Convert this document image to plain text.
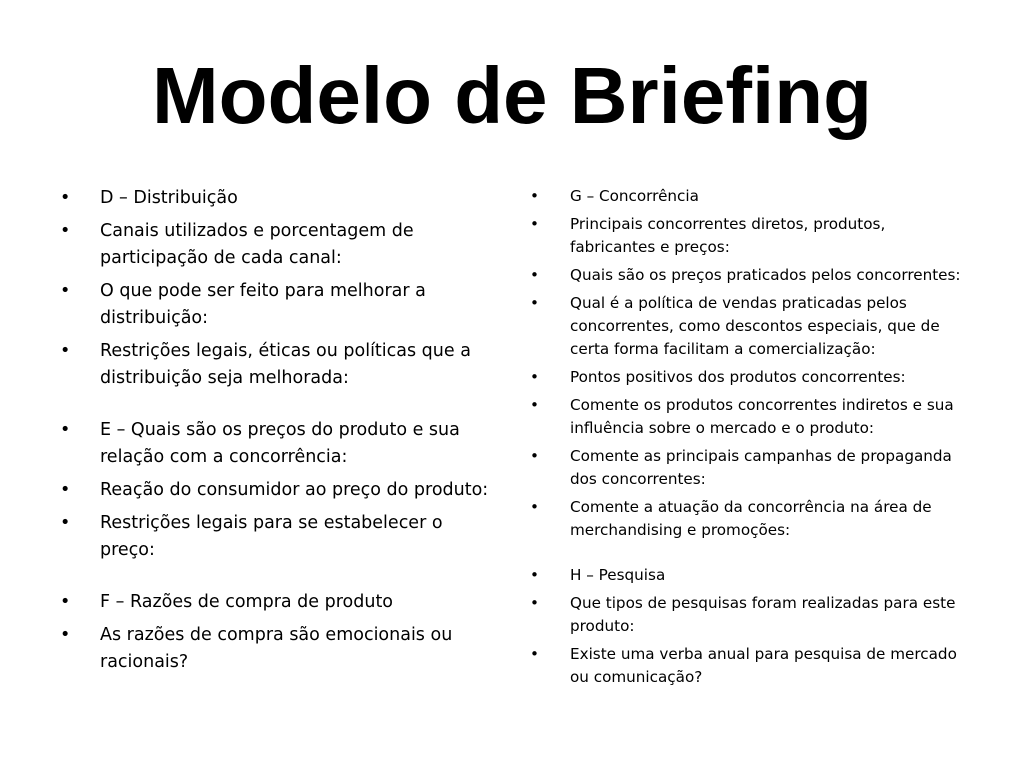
Modelo de Briefing
• D – Distribuição
• Canais utilizados e porcentagem de participação de cada canal:
• O que pode ser feito para melhorar a distribuição:
• Restrições legais, éticas ou políticas que a distribuição seja melhorada:
• E – Quais são os preços do produto e sua relação com a concorrência:
• Reação do consumidor ao preço do produto:
• Restrições legais para se estabelecer o preço:
• F – Razões de compra de produto
• As razões de compra são emocionais ou racionais?
• G – Concorrência
• Principais concorrentes diretos, produtos, fabricantes e preços:
• Quais são os preços praticados pelos concorrentes:
• Qual é a política de vendas praticadas pelos concorrentes, como descontos especiais, que de certa forma facilitam a comercialização:
• Pontos positivos dos produtos concorrentes:
• Comente os produtos concorrentes indiretos e sua influência sobre o mercado e o produto:
• Comente as principais campanhas de propaganda dos concorrentes:
• Comente a atuação da concorrência na área de merchandising e promoções:
• H – Pesquisa
• Que tipos de pesquisas foram realizadas para este produto:
• Existe uma verba anual para pesquisa de mercado ou comunicação?
